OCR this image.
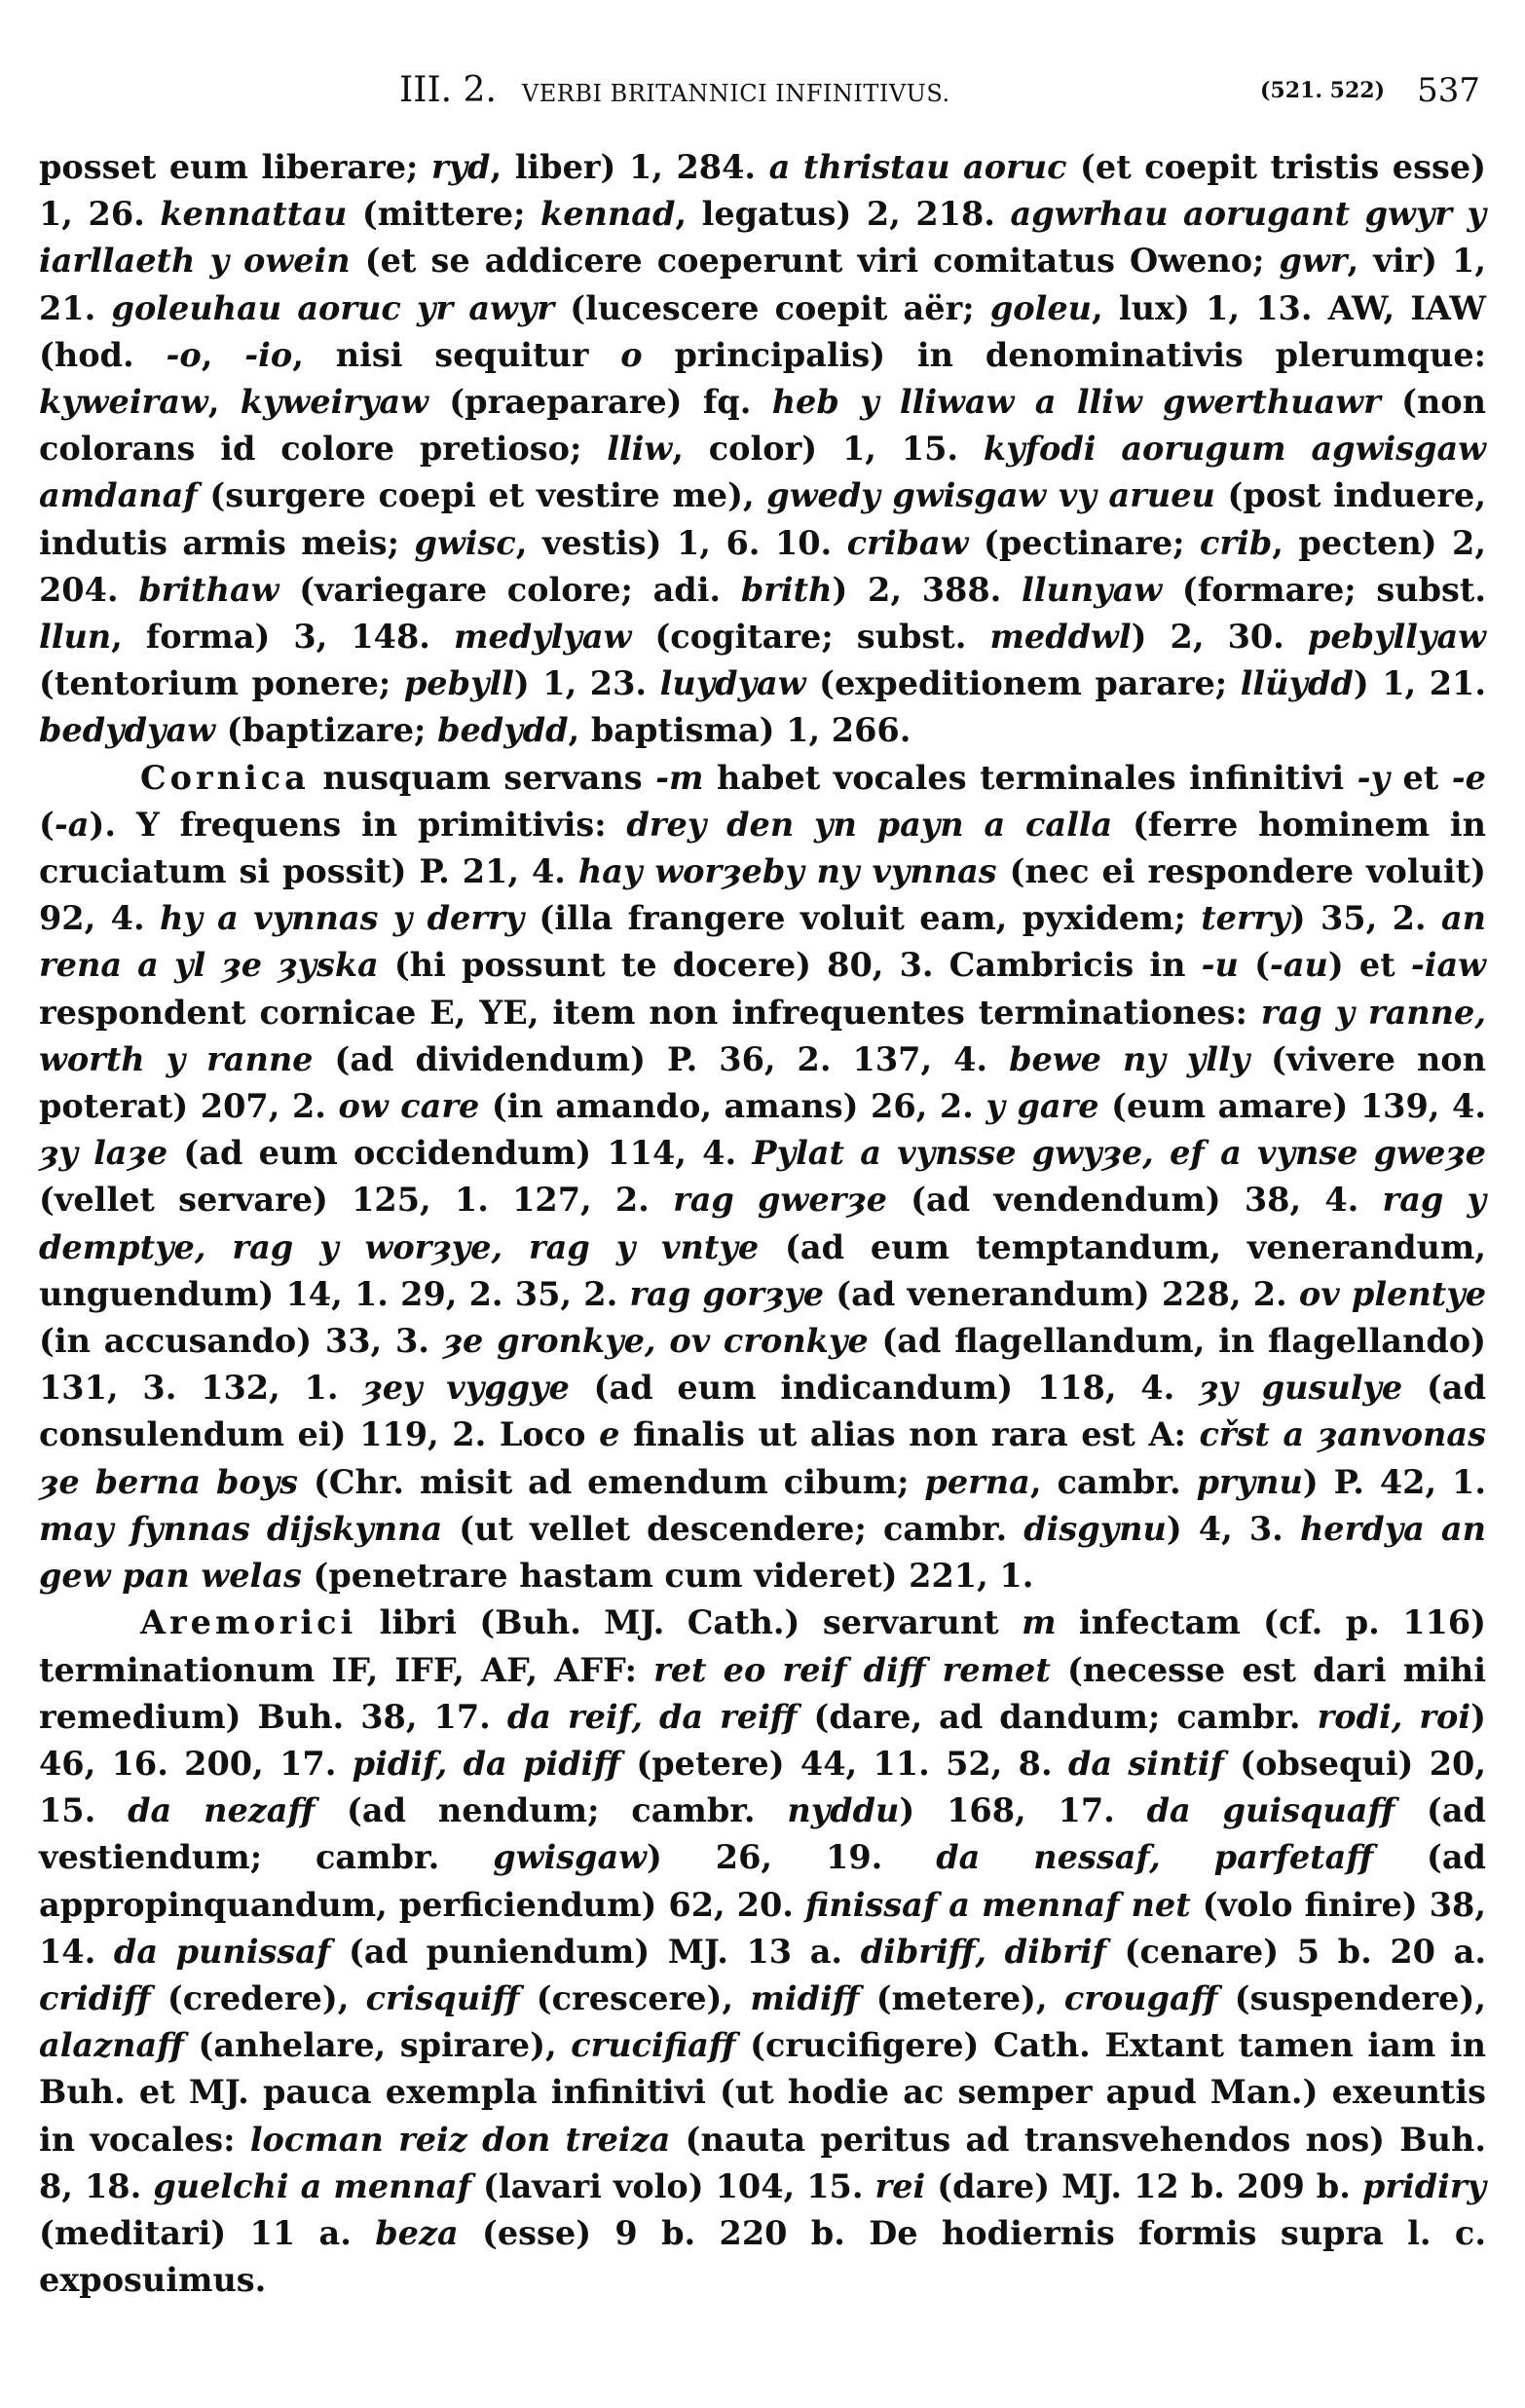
III. 2. VERBI BRITANNICI INFINITIVUS.	(521. 522) 537

posset eum liberare; ryd, liber) 1, 284. a thristau aoruc (et coepit tristis esse) 1, 26. kennattau (mittere; kennad, legatus) 2, 218. agwrhau aorugant gwyr y iarllaeth y owein (et se addicere coeperunt viri comitatus Oweno; gwr, vir) 1, 21. goleuhau aoruc yr awyr (lucescere coepit aër; goleu, lux) 1, 13. AW, IAW (hod. -o, -io, nisi sequitur o principalis) in denominativis plerumque: kyweiraw, kyweiryaw (praeparare) fq. heb y lliwaw a lliw gwerthuawr (non colorans id colore pretioso; lliw, color) 1, 15. kyfodi aorugum agwisgaw amdanaf (surgere coepi et vestire me), gwedy gwisgaw vy arueu (post induere, indutis armis meis; gwisc, vestis) 1, 6. 10. cribaw (pectinare; crib, pecten) 2, 204. brithaw (variegare colore; adi. brith) 2, 388. llunyaw (formare; subst. llun, forma) 3, 148. medylyaw (cogitare; subst. meddwl) 2, 30. pebyllyaw (tentorium ponere; pebyll) 1, 23. luydyaw (expeditionem parare; llüydd) 1, 21. bedydyaw (baptizare; bedydd, baptisma) 1, 266.

Cornica nusquam servans -m habet vocales terminales infinitivi -y et -e (-a). Y frequens in primitivis: drey den yn payn a calla (ferre hominem in cruciatum si possit) P. 21, 4. hay worȝeby ny vynnas (nec ei respondere voluit) 92, 4. hy a vynnas y derry (illa frangere voluit eam, pyxidem; terry) 35, 2. an rena a yl ȝe ȝyska (hi possunt te docere) 80, 3. Cambricis in -u (-au) et -iaw respondent cornicae E, YE, item non infrequentes terminationes: rag y ranne, worth y ranne (ad dividendum) P. 36, 2. 137, 4. bewe ny ylly (vivere non poterat) 207, 2. ow care (in amando, amans) 26, 2. y gare (eum amare) 139, 4. ȝy laȝe (ad eum occidendum) 114, 4. Pylat a vynsse gwyȝe, ef a vynse gweȝe (vellet servare) 125, 1. 127, 2. rag gwerȝe (ad vendendum) 38, 4. rag y demptye, rag y worȝye, rag y vntye (ad eum temptandum, venerandum, unguendum) 14, 1. 29, 2. 35, 2. rag gorȝye (ad venerandum) 228, 2. ov plentye (in accusando) 33, 3. ȝe gronkye, ov cronkye (ad flagellandum, in flagellando) 131, 3. 132, 1. ȝey vyggye (ad eum indicandum) 118, 4. ȝy gusulye (ad consulendum ei) 119, 2. Loco e finalis ut alias non rara est A: cřst a ȝanvonas ȝe berna boys (Chr. misit ad emendum cibum; perna, cambr. prynu) P. 42, 1. may fynnas dijskynna (ut vellet descendere; cambr. disgynu) 4, 3. herdya an gew pan welas (penetrare hastam cum videret) 221, 1.

Aremorici libri (Buh. MJ. Cath.) servarunt m infectam (cf. p. 116) terminationum IF, IFF, AF, AFF: ret eo reif diff remet (necesse est dari mihi remedium) Buh. 38, 17. da reif, da reiff (dare, ad dandum; cambr. rodi, roi) 46, 16. 200, 17. pidif, da pidiff (petere) 44, 11. 52, 8. da sintif (obsequi) 20, 15. da nezaff (ad nendum; cambr. nyddu) 168, 17. da guisquaff (ad vestiendum; cambr. gwisgaw) 26, 19. da nessaf, parfetaff (ad appropinquandum, perficiendum) 62, 20. finissaf a mennaf net (volo finire) 38, 14. da punissaf (ad puniendum) MJ. 13 a. dibriff, dibrif (cenare) 5 b. 20 a. cridiff (credere), crisquiff (crescere), midiff (metere), crougaff (suspendere), alaznaff (anhelare, spirare), crucifiaff (crucifigere) Cath. Extant tamen iam in Buh. et MJ. pauca exempla infinitivi (ut hodie ac semper apud Man.) exeuntis in vocales: locman reiz don treiza (nauta peritus ad transvehendos nos) Buh. 8, 18. guelchi a mennaf (lavari volo) 104, 15. rei (dare) MJ. 12 b. 209 b. pridiry (meditari) 11 a. beza (esse) 9 b. 220 b. De hodiernis formis supra l. c. exposuimus.
